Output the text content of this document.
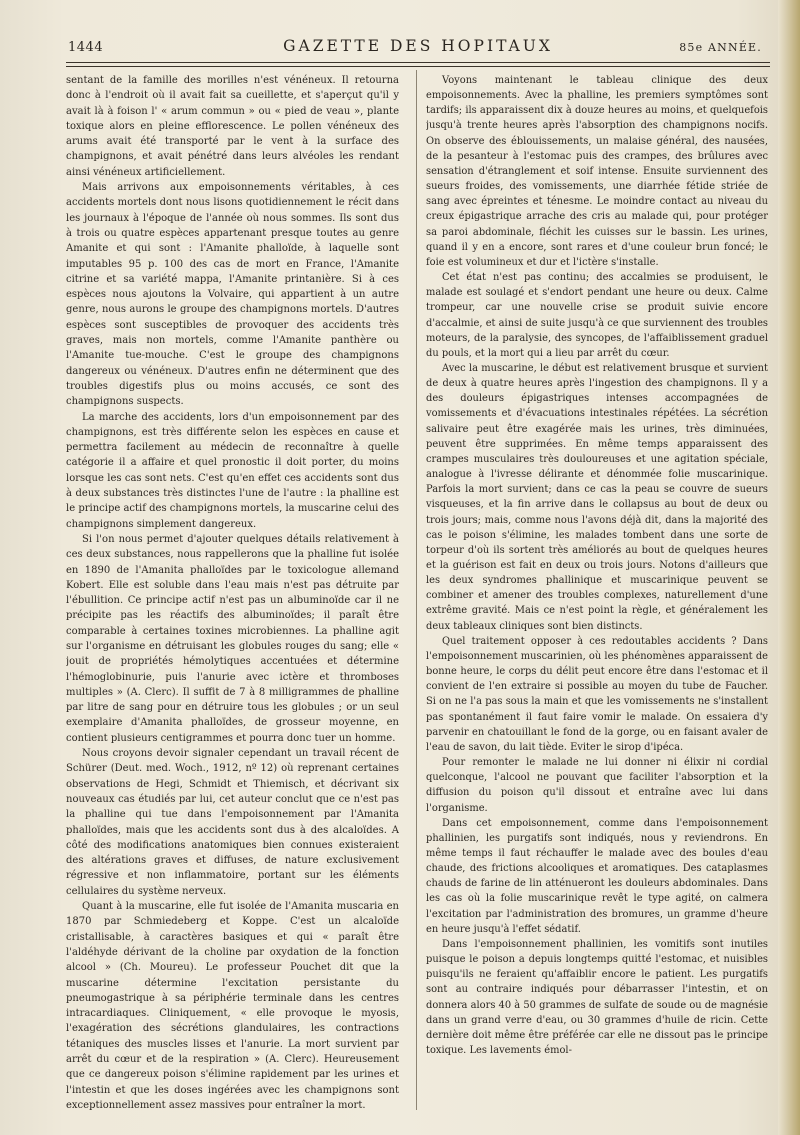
1444	GAZETTE DES HOPITAUX	85e ANNÉE.

sentant de la famille des morilles n'est vénéneux. Il retourna donc à l'endroit où il avait fait sa cueillette, et s'aperçut qu'il y avait là à foison l' « arum commun » ou « pied de veau », plante toxique alors en pleine efflorescence. Le pollen vénéneux des arums avait été transporté par le vent à la surface des champignons, et avait pénétré dans leurs alvéoles les rendant ainsi vénéneux artificiellement.

Mais arrivons aux empoisonnements véritables, à ces accidents mortels dont nous lisons quotidiennement le récit dans les journaux à l'époque de l'année où nous sommes. Ils sont dus à trois ou quatre espèces appartenant presque toutes au genre Amanite et qui sont : l'Amanite phalloïde, à laquelle sont imputables 95 p. 100 des cas de mort en France, l'Amanite citrine et sa variété mappa, l'Amanite printanière. Si à ces espèces nous ajoutons la Volvaire, qui appartient à un autre genre, nous aurons le groupe des champignons mortels. D'autres espèces sont susceptibles de provoquer des accidents très graves, mais non mortels, comme l'Amanite panthère ou l'Amanite tue-mouche. C'est le groupe des champignons dangereux ou vénéneux. D'autres enfin ne déterminent que des troubles digestifs plus ou moins accusés, ce sont des champignons suspects.

La marche des accidents, lors d'un empoisonnement par des champignons, est très différente selon les espèces en cause et permettra facilement au médecin de reconnaître à quelle catégorie il a affaire et quel pronostic il doit porter, du moins lorsque les cas sont nets. C'est qu'en effet ces accidents sont dus à deux substances très distinctes l'une de l'autre : la phalline est le principe actif des champignons mortels, la muscarine celui des champignons simplement dangereux.

Si l'on nous permet d'ajouter quelques détails relativement à ces deux substances, nous rappellerons que la phalline fut isolée en 1890 de l'Amanita phalloïdes par le toxicologue allemand Kobert. Elle est soluble dans l'eau mais n'est pas détruite par l'ébullition. Ce principe actif n'est pas un albuminoïde car il ne précipite pas les réactifs des albuminoïdes; il paraît être comparable à certaines toxines microbiennes. La phalline agit sur l'organisme en détruisant les globules rouges du sang; elle « jouit de propriétés hémolytiques accentuées et détermine l'hémoglobinurie, puis l'anurie avec ictère et thromboses multiples » (A. Clerc). Il suffit de 7 à 8 milligrammes de phalline par litre de sang pour en détruire tous les globules ; or un seul exemplaire d'Amanita phalloïdes, de grosseur moyenne, en contient plusieurs centigrammes et pourra donc tuer un homme.

Nous croyons devoir signaler cependant un travail récent de Schürer (Deut. med. Woch., 1912, nº 12) où reprenant certaines observations de Hegi, Schmidt et Thiemisch, et décrivant six nouveaux cas étudiés par lui, cet auteur conclut que ce n'est pas la phalline qui tue dans l'empoisonnement par l'Amanita phalloïdes, mais que les accidents sont dus à des alcaloïdes. A côté des modifications anatomiques bien connues existeraient des altérations graves et diffuses, de nature exclusivement régressive et non inflammatoire, portant sur les éléments cellulaires du système nerveux.

Quant à la muscarine, elle fut isolée de l'Amanita muscaria en 1870 par Schmiedeberg et Koppe. C'est un alcaloïde cristallisable, à caractères basiques et qui « paraît être l'aldéhyde dérivant de la choline par oxydation de la fonction alcool » (Ch. Moureu). Le professeur Pouchet dit que la muscarine détermine l'excitation persistante du pneumogastrique à sa périphérie terminale dans les centres intracardiaques. Cliniquement, « elle provoque le myosis, l'exagération des sécrétions glandulaires, les contractions tétaniques des muscles lisses et l'anurie. La mort survient par arrêt du cœur et de la respiration » (A. Clerc). Heureusement que ce dangereux poison s'élimine rapidement par les urines et l'intestin et que les doses ingérées avec les champignons sont exceptionnellement assez massives pour entraîner la mort.

Voyons maintenant le tableau clinique des deux empoisonnements. Avec la phalline, les premiers symptômes sont tardifs; ils apparaissent dix à douze heures au moins, et quelquefois jusqu'à trente heures après l'absorption des champignons nocifs. On observe des éblouissements, un malaise général, des nausées, de la pesanteur à l'estomac puis des crampes, des brûlures avec sensation d'étranglement et soif intense. Ensuite surviennent des sueurs froides, des vomissements, une diarrhée fétide striée de sang avec épreintes et ténesme. Le moindre contact au niveau du creux épigastrique arrache des cris au malade qui, pour protéger sa paroi abdominale, fléchit les cuisses sur le bassin. Les urines, quand il y en a encore, sont rares et d'une couleur brun foncé; le foie est volumineux et dur et l'ictère s'installe.

Cet état n'est pas continu; des accalmies se produisent, le malade est soulagé et s'endort pendant une heure ou deux. Calme trompeur, car une nouvelle crise se produit suivie encore d'accalmie, et ainsi de suite jusqu'à ce que surviennent des troubles moteurs, de la paralysie, des syncopes, de l'affaiblissement graduel du pouls, et la mort qui a lieu par arrêt du cœur.

Avec la muscarine, le début est relativement brusque et survient de deux à quatre heures après l'ingestion des champignons. Il y a des douleurs épigastriques intenses accompagnées de vomissements et d'évacuations intestinales répétées. La sécrétion salivaire peut être exagérée mais les urines, très diminuées, peuvent être supprimées. En même temps apparaissent des crampes musculaires très douloureuses et une agitation spéciale, analogue à l'ivresse délirante et dénommée folie muscarinique. Parfois la mort survient; dans ce cas la peau se couvre de sueurs visqueuses, et la fin arrive dans le collapsus au bout de deux ou trois jours; mais, comme nous l'avons déjà dit, dans la majorité des cas le poison s'élimine, les malades tombent dans une sorte de torpeur d'où ils sortent très améliorés au bout de quelques heures et la guérison est fait en deux ou trois jours. Notons d'ailleurs que les deux syndromes phallinique et muscarinique peuvent se combiner et amener des troubles complexes, naturellement d'une extrême gravité. Mais ce n'est point la règle, et généralement les deux tableaux cliniques sont bien distincts.

Quel traitement opposer à ces redoutables accidents ? Dans l'empoisonnement muscarinien, où les phénomènes apparaissent de bonne heure, le corps du délit peut encore être dans l'estomac et il convient de l'en extraire si possible au moyen du tube de Faucher. Si on ne l'a pas sous la main et que les vomissements ne s'installent pas spontanément il faut faire vomir le malade. On essaiera d'y parvenir en chatouillant le fond de la gorge, ou en faisant avaler de l'eau de savon, du lait tiède. Eviter le sirop d'ipéca.

Pour remonter le malade ne lui donner ni élixir ni cordial quelconque, l'alcool ne pouvant que faciliter l'absorption et la diffusion du poison qu'il dissout et entraîne avec lui dans l'organisme.

Dans cet empoisonnement, comme dans l'empoisonnement phallinien, les purgatifs sont indiqués, nous y reviendrons. En même temps il faut réchauffer le malade avec des boules d'eau chaude, des frictions alcooliques et aromatiques. Des cataplasmes chauds de farine de lin atténueront les douleurs abdominales. Dans les cas où la folie muscarinique revêt le type agité, on calmera l'excitation par l'administration des bromures, un gramme d'heure en heure jusqu'à l'effet sédatif.

Dans l'empoisonnement phallinien, les vomitifs sont inutiles puisque le poison a depuis longtemps quitté l'estomac, et nuisibles puisqu'ils ne feraient qu'affaiblir encore le patient. Les purgatifs sont au contraire indiqués pour débarrasser l'intestin, et on donnera alors 40 à 50 grammes de sulfate de soude ou de magnésie dans un grand verre d'eau, ou 30 grammes d'huile de ricin. Cette dernière doit même être préférée car elle ne dissout pas le principe toxique. Les lavements émol-
